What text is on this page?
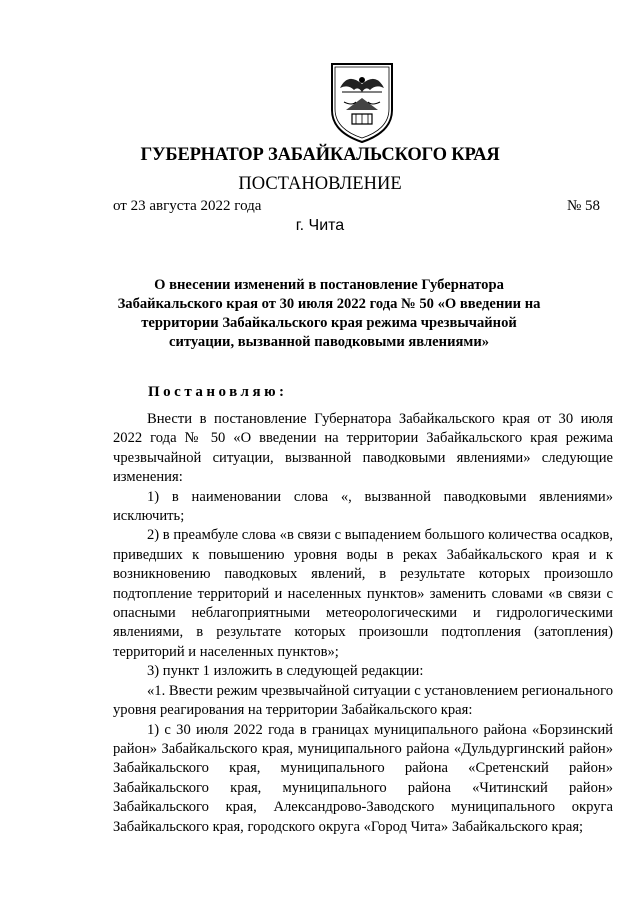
ГУБЕРНАТОР ЗАБАЙКАЛЬСКОГО КРАЯ
ПОСТАНОВЛЕНИЕ
от 23 августа 2022 года	№ 58
г. Чита
О внесении изменений в постановление Губернатора Забайкальского края от 30 июля 2022 года № 50 «О введении на территории Забайкальского края режима чрезвычайной ситуации, вызванной паводковыми явлениями»
Постановляю:

Внести в постановление Губернатора Забайкальского края от 30 июля 2022 года № 50 «О введении на территории Забайкальского края режима чрезвычайной ситуации, вызванной паводковыми явлениями» следующие изменения:

1) в наименовании слова «, вызванной паводковыми явлениями» исключить;

2) в преамбуле слова «в связи с выпадением большого количества осадков, приведших к повышению уровня воды в реках Забайкальского края и к возникновению паводковых явлений, в результате которых произошло подтопление территорий и населенных пунктов» заменить словами «в связи с опасными неблагоприятными метеорологическими и гидрологическими явлениями, в результате которых произошли подтопления (затопления) территорий и населенных пунктов»;

3) пункт 1 изложить в следующей редакции:

«1. Ввести режим чрезвычайной ситуации с установлением регионального уровня реагирования на территории Забайкальского края:

1) с 30 июля 2022 года в границах муниципального района «Борзинский район» Забайкальского края, муниципального района «Дульдургинский район» Забайкальского края, муниципального района «Сретенский район» Забайкальского края, муниципального района «Читинский район» Забайкальского края, Александрово-Заводского муниципального округа Забайкальского края, городского округа «Город Чита» Забайкальского края;
